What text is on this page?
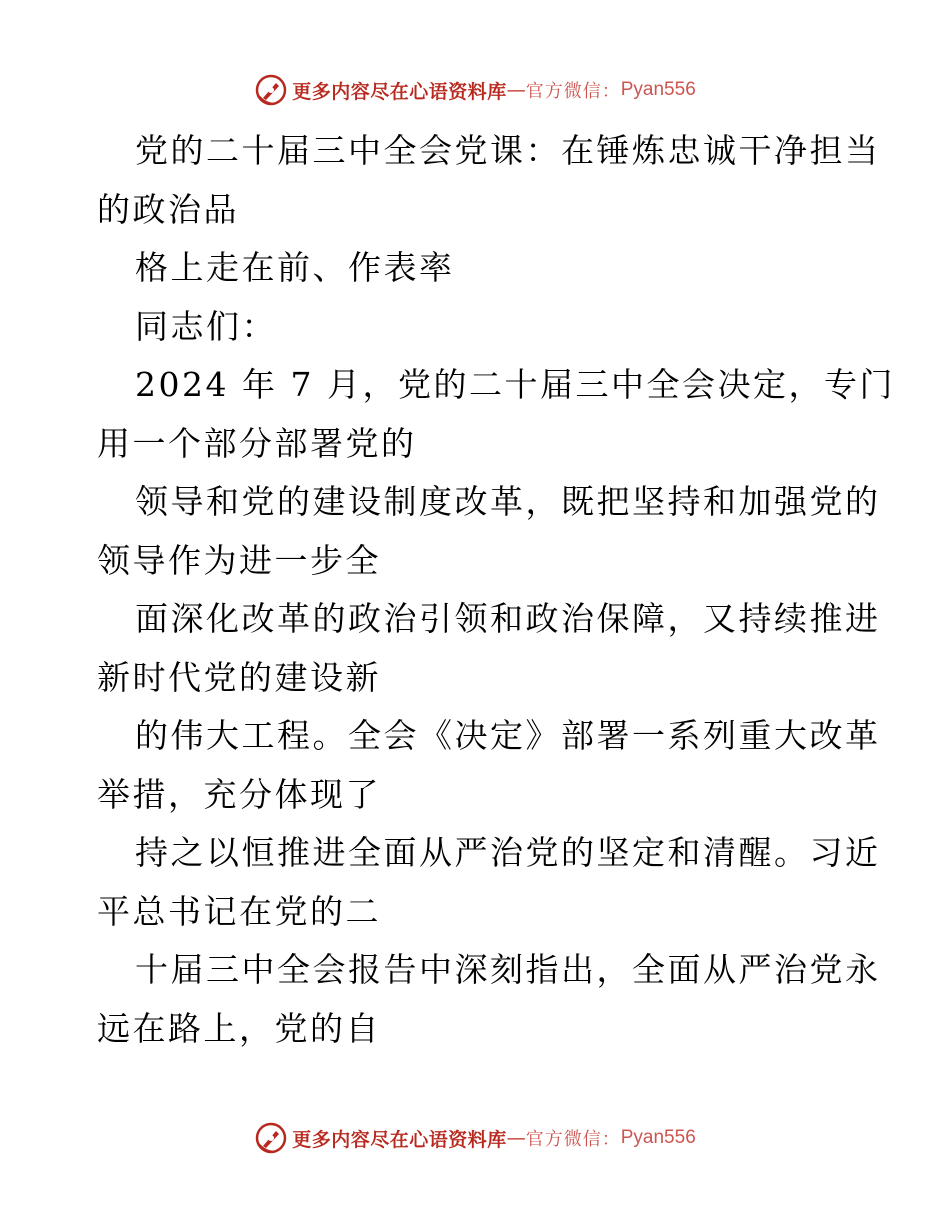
更多内容尽在心语资料库 — 官方微信： Pyan556

党的二十届三中全会党课：在锤炼忠诚干净担当

的政治品

格上走在前、作表率

同志们：

2024 年 7 月，党的二十届三中全会决定，专门

用一个部分部署党的

领导和党的建设制度改革，既把坚持和加强党的

领导作为进一步全

面深化改革的政治引领和政治保障，又持续推进

新时代党的建设新

的伟大工程。全会《决定》部署一系列重大改革

举措，充分体现了

持之以恒推进全面从严治党的坚定和清醒。习近

平总书记在党的二

十届三中全会报告中深刻指出，全面从严治党永

远在路上，党的自

更多内容尽在心语资料库 — 官方微信： Pyan556
